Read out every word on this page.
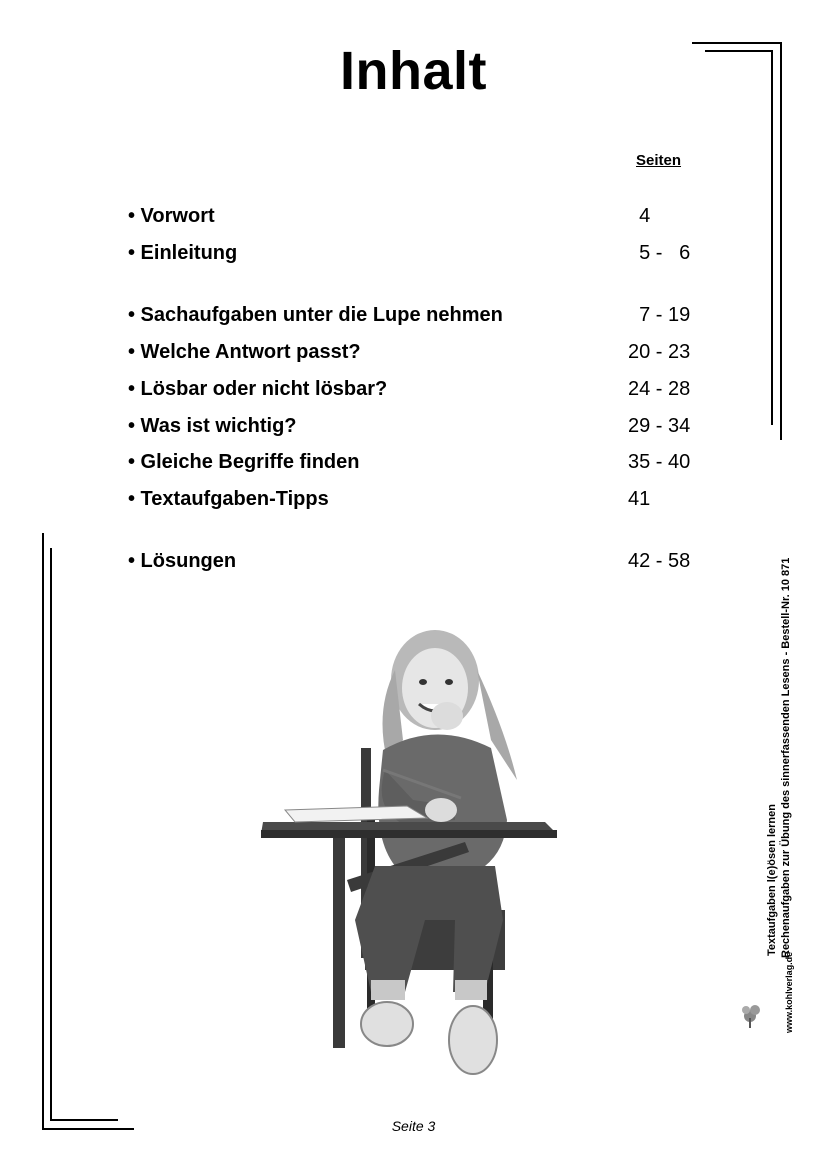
Inhalt
Seiten
• Vorwort	4
• Einleitung	5 -   6
• Sachaufgaben unter die Lupe nehmen	7 - 19
• Welche Antwort passt?	20 - 23
• Lösbar oder nicht lösbar?	24 - 28
• Was ist wichtig?	29 - 34
• Gleiche Begriffe finden	35 - 40
• Textaufgaben-Tipps	41
• Lösungen	42 - 58
Textaufgaben l(e)ösen lernen Rechenaufgaben zur Übung des sinnerfassenden Lesens - Bestell-Nr. 10 871
www.kohlverlag.de
Seite 3
